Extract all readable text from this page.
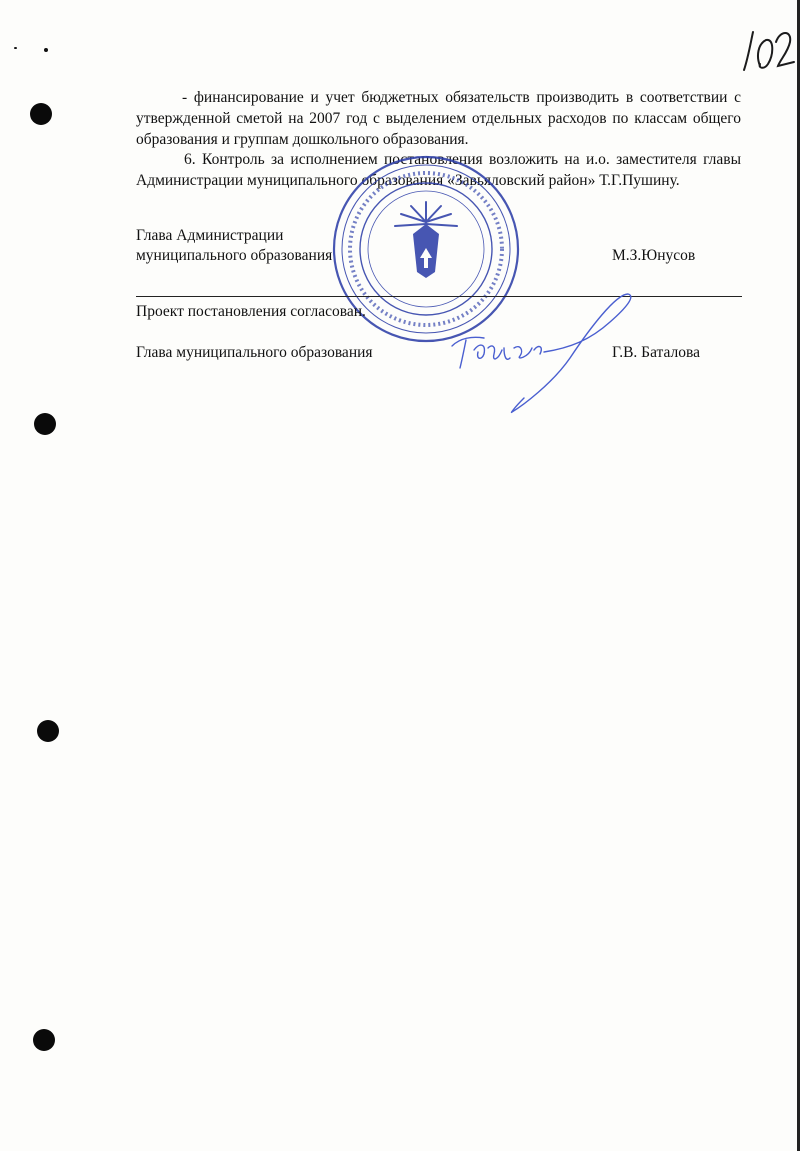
- финансирование и учет бюджетных обязательств производить в соответствии с утвержденной сметой на 2007 год с выделением отдельных расходов по классам общего образования и группам дошкольного образования.

6. Контроль за исполнением постановления возложить на и.о. заместителя главы Администрации муниципального образования «Завьяловский район» Т.Г.Пушину.

Глава Администрации

муниципального образования	М.З.Юнусов

Проект постановления согласован.

Глава муниципального образования	Г.В. Баталова
